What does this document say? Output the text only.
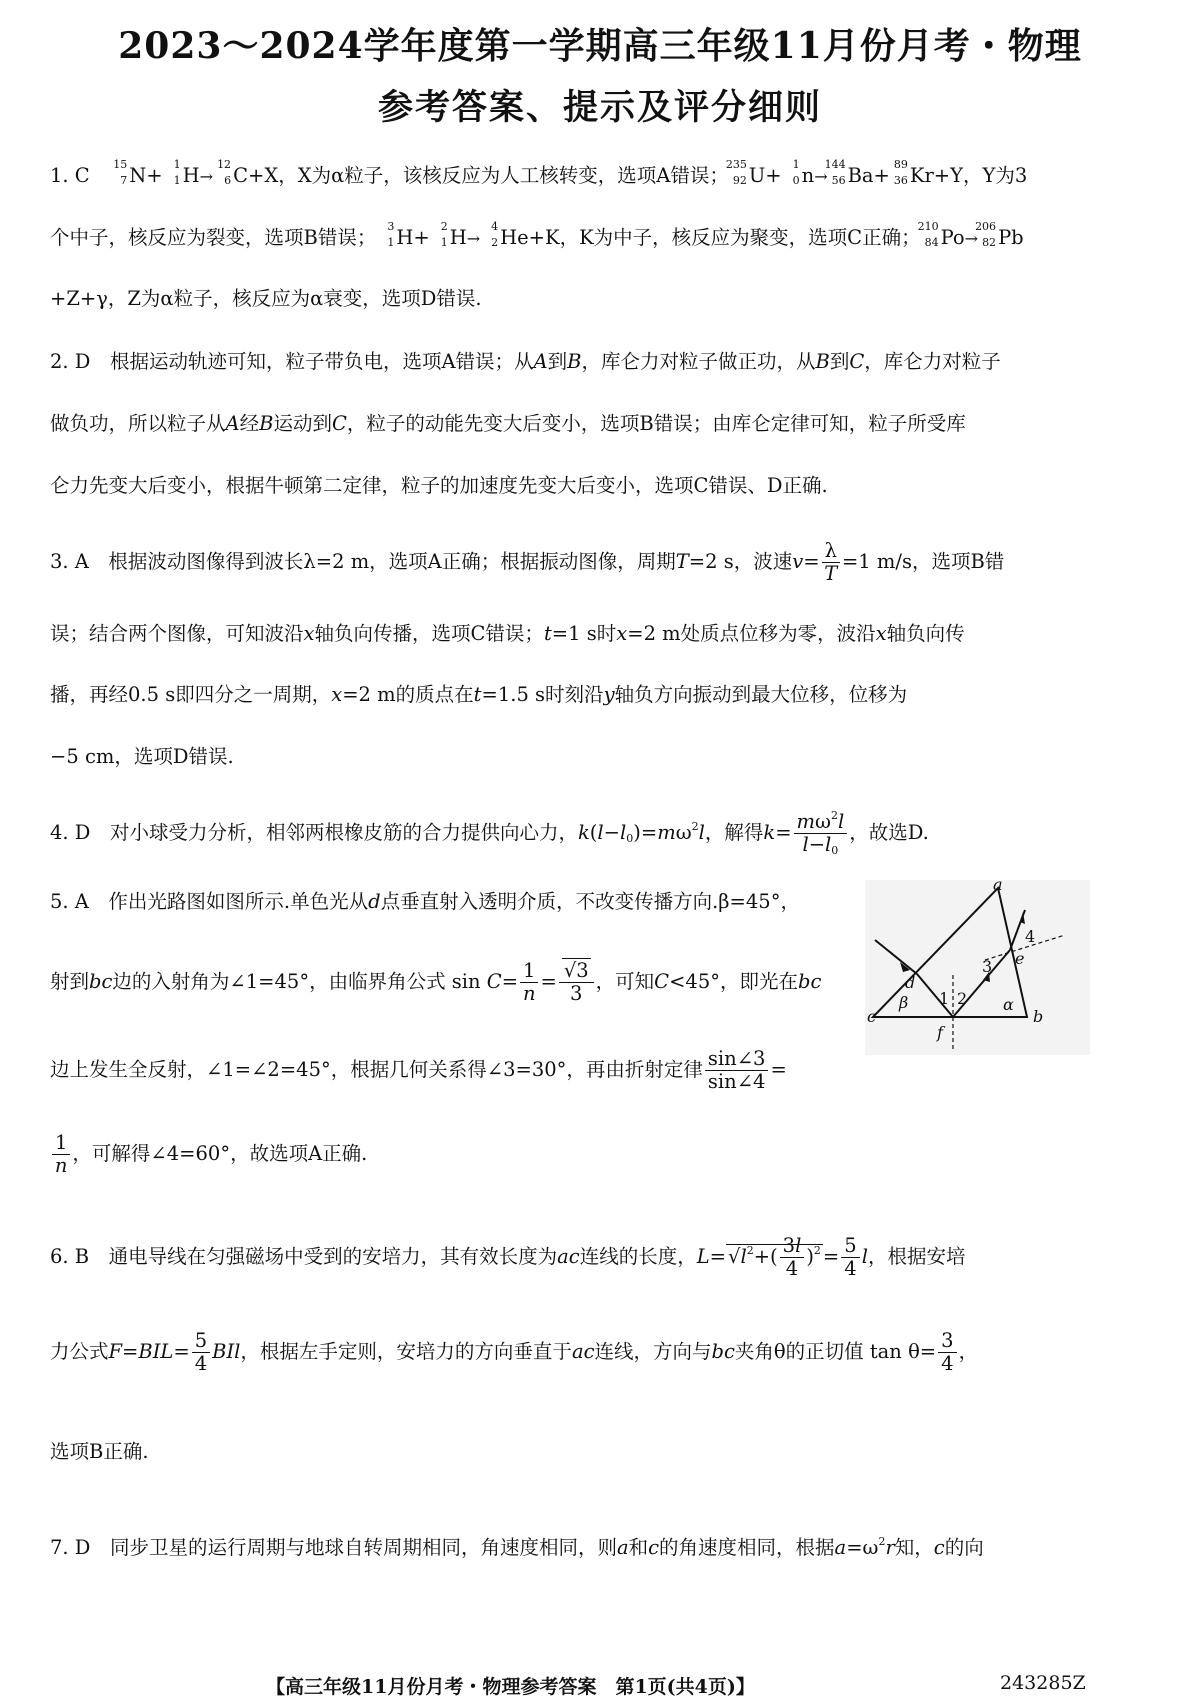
2023～2024学年度第一学期高三年级11月份月考・物理
参考答案、提示及评分细则
1. C　 15
7 N+ 1
1 H→
12
6 C+X，X为α粒子，该核反应为人工核转变，选项A错误；
235
92 U+ 1
0 n→
144
56 Ba+ 89
36 Kr+Y，Y为3
个中子，核反应为裂变，选项B错误； 3
1 H+ 2
1 H→
4
2 He+K，K为中子，核反应为聚变，选项C正确；
210
84 Po→
206
82 Pb
+Z+γ，Z为α粒子，核反应为α衰变，选项D错误.
2. D　根据运动轨迹可知，粒子带负电，选项A错误；从A到B，库仑力对粒子做正功，从B到C，库仑力对粒子
做负功，所以粒子从A经B运动到C，粒子的动能先变大后变小，选项B错误；由库仑定律可知，粒子所受库
仑力先变大后变小，根据牛顿第二定律，粒子的加速度先变大后变小，选项C错误、D正确.
3. A　根据波动图像得到波长λ=2 m，选项A正确；根据振动图像，周期T=2 s，波速$v= \frac{\lambda}{T} =1$ m/s，选项B错
误；结合两个图像，可知波沿x轴负向传播，选项C错误；t=1 s时x=2 m处质点位移为零，波沿x轴负向传
播，再经0.5 s即四分之一周期，x=2 m的质点在t=1.5 s时刻沿y轴负方向振动到最大位移，位移为
−5 cm，选项D错误.
4. D　对小球受力分析，相邻两根橡皮筋的合力提供向心力，$k(l-l_0)=m\omega^2l$，解得$k= \frac{m\omega^2l}{l-l_0}$ ，故选D.
5. A　作出光路图如图所示.单色光从d点垂直射入透明介质，不改变传播方向.β=45°，
射到bc边的入射角为∠1=45°，由临界角公式 $\sin C= \frac{1}{n} = \frac{√3}{3}$ ，可知C<45°，即光在bc
边上发生全反射，∠1=∠2=45°，根据几何关系得∠3=30°，再由折射定律 $\frac{\sin\angle 3}{\sin\angle 4}$ =
$\frac{1}{n}$ ，可解得∠4=60°，故选项A正确.
a
b
c
d
e
f
1 2
3
4
α
β
6. B　通电导线在匀强磁场中受到的安培力，其有效长度为ac连线的长度，$L= √l^2+( \frac{3l}{4} )^2 = \frac{5}{4}$ l，根据安培
力公式$F=BIL= \frac{5}{4}$ BIl，根据左手定则，安培力的方向垂直于ac连线，方向与bc夹角θ的正切值 $\tan \theta= \frac{3}{4}$ ，
选项B正确.
7. D　同步卫星的运行周期与地球自转周期相同，角速度相同，则a和c的角速度相同，根据$a=\omega^2r$知，c的向
【高三年级11月份月考・物理参考答案　第1页(共4页)】	243285Z
